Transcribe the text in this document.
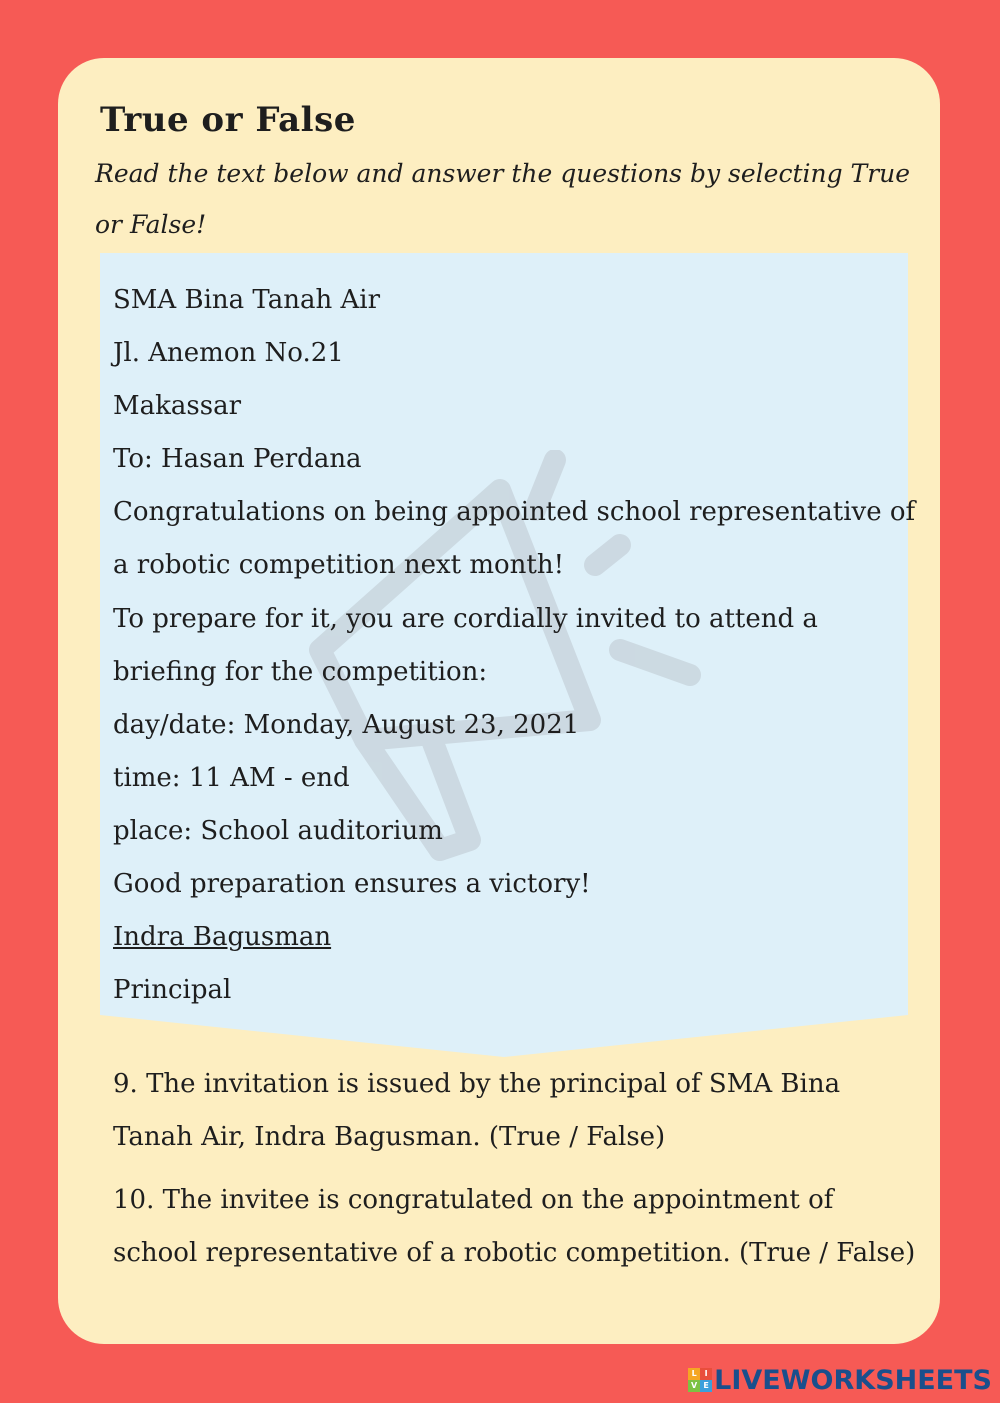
True or False
Read the text below and answer the questions by selecting True or False!
SMA Bina Tanah Air
Jl. Anemon No.21
Makassar
To: Hasan Perdana
Congratulations on being appointed school representative of
a robotic competition next month!
To prepare for it, you are cordially invited to attend a
briefing for the competition:
day/date: Monday, August 23, 2021
time: 11 AM - end
place: School auditorium
Good preparation ensures a victory!
Indra Bagusman
Principal
9. The invitation is issued by the principal of SMA Bina Tanah Air, Indra Bagusman. (True / False)
10. The invitee is congratulated on the appointment of school representative of a robotic competition. (True / False)
L I
V E LIVEWORKSHEETS
